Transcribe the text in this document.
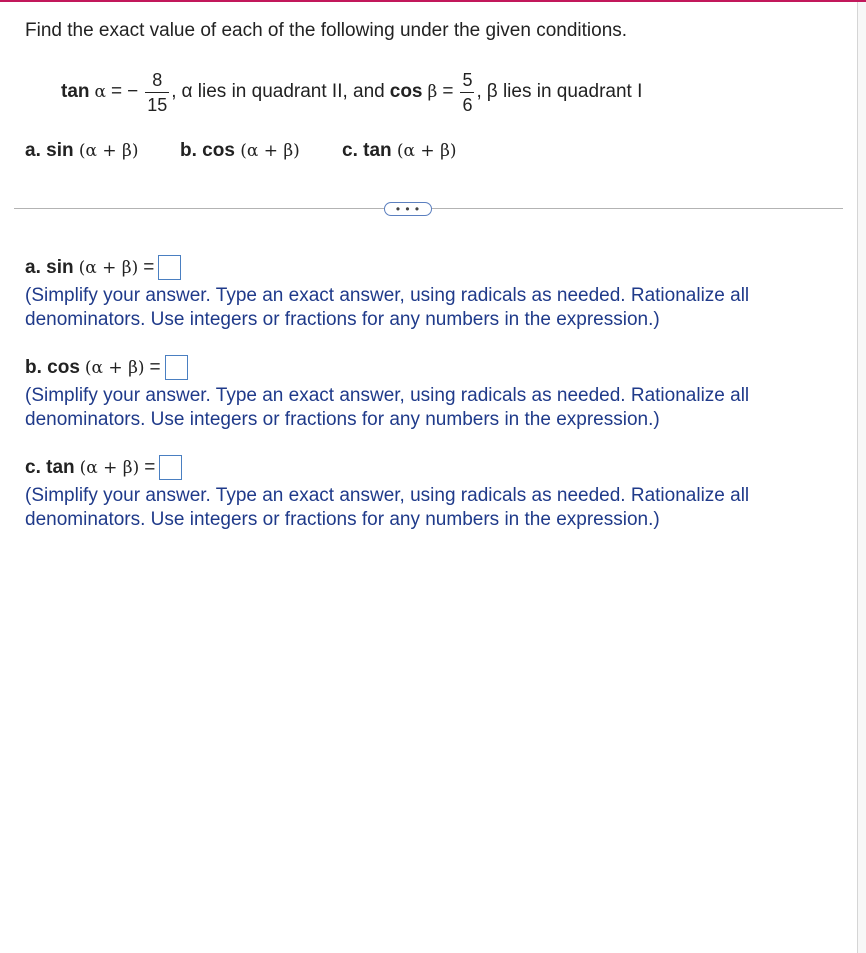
Find the exact value of each of the following under the given conditions.
tan α = − $\frac{8}{15}$ , α lies in quadrant II, and $\cos \beta = \frac{5}{6}$ , β lies in quadrant I
a. sin (α + β) b. cos (α + β) c. tan (α + β)
• • •
a. sin (α + β) =
(Simplify your answer. Type an exact answer, using radicals as needed. Rationalize all
denominators. Use integers or fractions for any numbers in the expression.)
b. cos (α + β) =
(Simplify your answer. Type an exact answer, using radicals as needed. Rationalize all
denominators. Use integers or fractions for any numbers in the expression.)
c. tan (α + β) =
(Simplify your answer. Type an exact answer, using radicals as needed. Rationalize all
denominators. Use integers or fractions for any numbers in the expression.)
